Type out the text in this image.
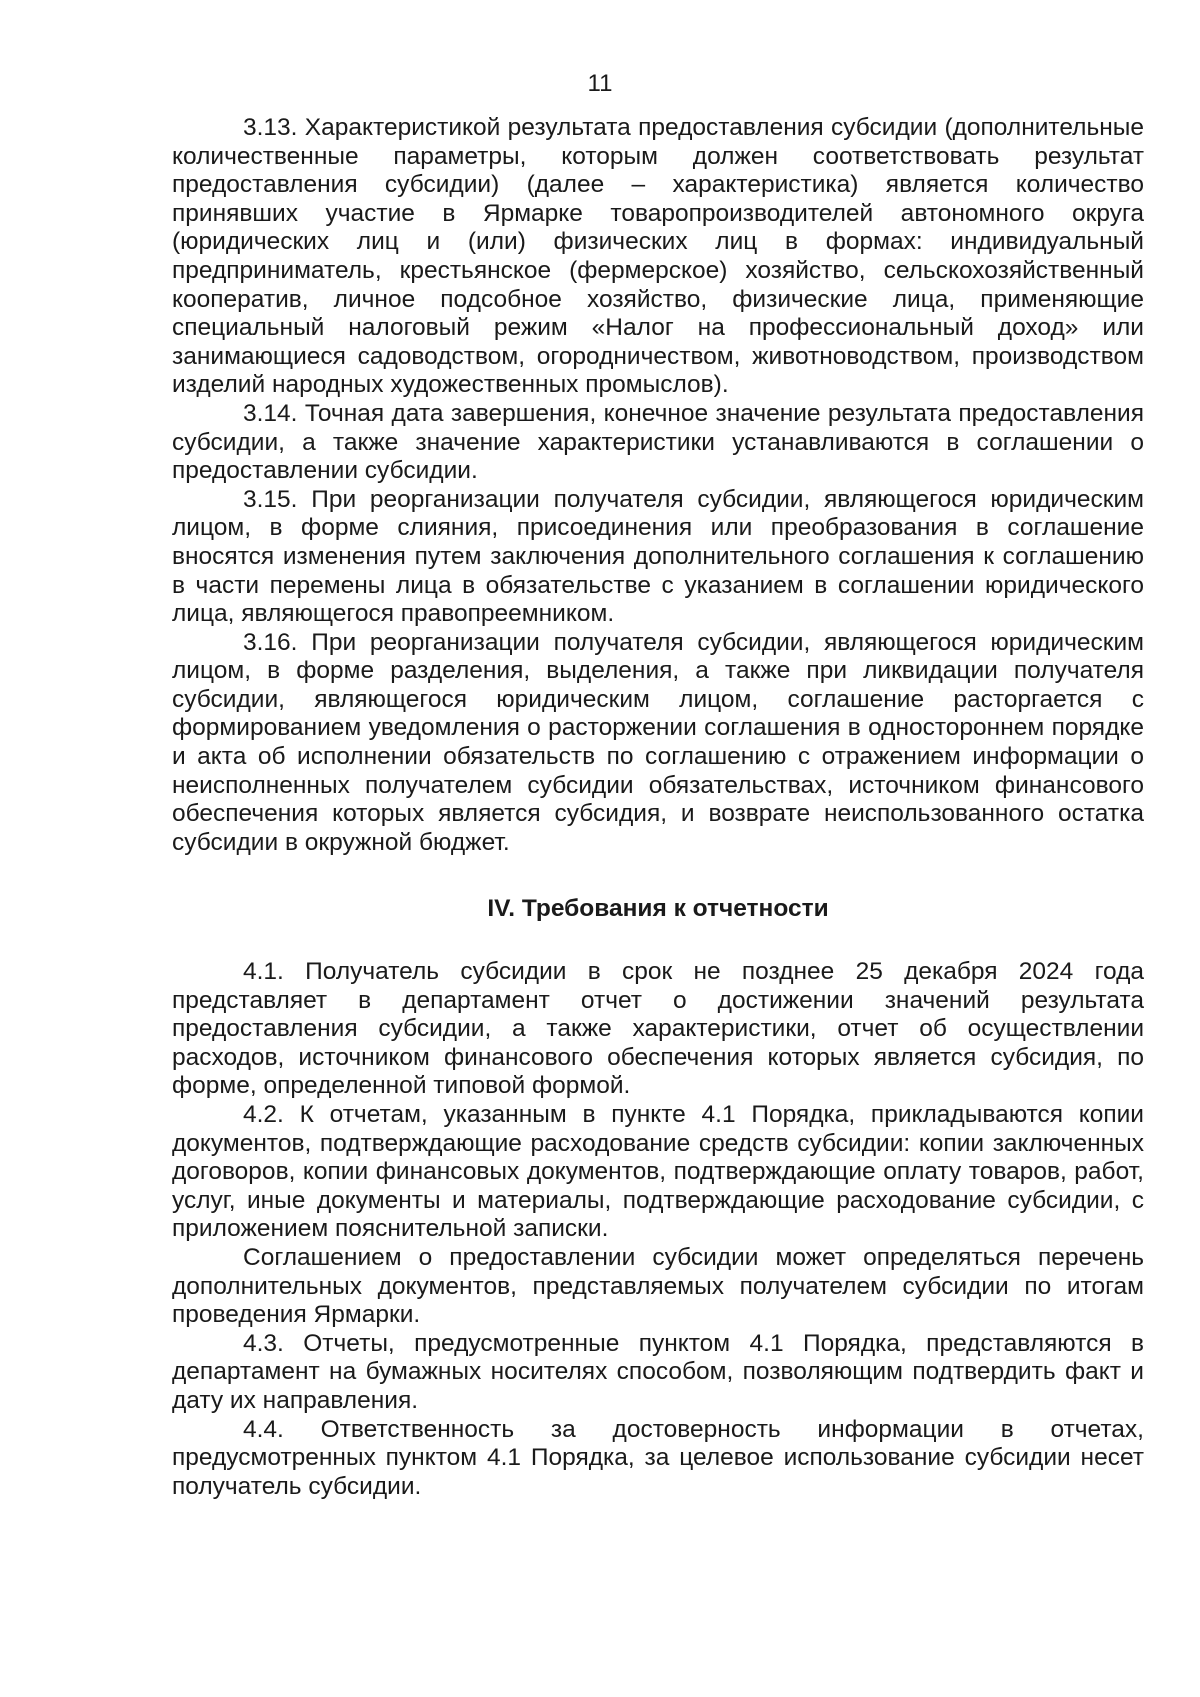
11

3.13. Характеристикой результата предоставления субсидии (дополнительные количественные параметры, которым должен соответствовать результат предоставления субсидии) (далее – характеристика) является количество принявших участие в Ярмарке товаропроизводителей автономного округа (юридических лиц и (или) физических лиц в формах: индивидуальный предприниматель, крестьянское (фермерское) хозяйство, сельскохозяйственный кооператив, личное подсобное хозяйство, физические лица, применяющие специальный налоговый режим «Налог на профессиональный доход» или занимающиеся садоводством, огородничеством, животноводством, производством изделий народных художественных промыслов).

3.14. Точная дата завершения, конечное значение результата предоставления субсидии, а также значение характеристики устанавливаются в соглашении о предоставлении субсидии.

3.15. При реорганизации получателя субсидии, являющегося юридическим лицом, в форме слияния, присоединения или преобразования в соглашение вносятся изменения путем заключения дополнительного соглашения к соглашению в части перемены лица в обязательстве с указанием в соглашении юридического лица, являющегося правопреемником.

3.16. При реорганизации получателя субсидии, являющегося юридическим лицом, в форме разделения, выделения, а также при ликвидации получателя субсидии, являющегося юридическим лицом, соглашение расторгается с формированием уведомления о расторжении соглашения в одностороннем порядке и акта об исполнении обязательств по соглашению с отражением информации о неисполненных получателем субсидии обязательствах, источником финансового обеспечения которых является субсидия, и возврате неиспользованного остатка субсидии в окружной бюджет.

IV. Требования к отчетности

4.1. Получатель субсидии в срок не позднее 25 декабря 2024 года представляет в департамент отчет о достижении значений результата предоставления субсидии, а также характеристики, отчет об осуществлении расходов, источником финансового обеспечения которых является субсидия, по форме, определенной типовой формой.

4.2. К отчетам, указанным в пункте 4.1 Порядка, прикладываются копии документов, подтверждающие расходование средств субсидии: копии заключенных договоров, копии финансовых документов, подтверждающие оплату товаров, работ, услуг, иные документы и материалы, подтверждающие расходование субсидии, с приложением пояснительной записки.

Соглашением о предоставлении субсидии может определяться перечень дополнительных документов, представляемых получателем субсидии по итогам проведения Ярмарки.

4.3. Отчеты, предусмотренные пунктом 4.1 Порядка, представляются в департамент на бумажных носителях способом, позволяющим подтвердить факт и дату их направления.

4.4. Ответственность за достоверность информации в отчетах, предусмотренных пунктом 4.1 Порядка, за целевое использование субсидии несет получатель субсидии.
